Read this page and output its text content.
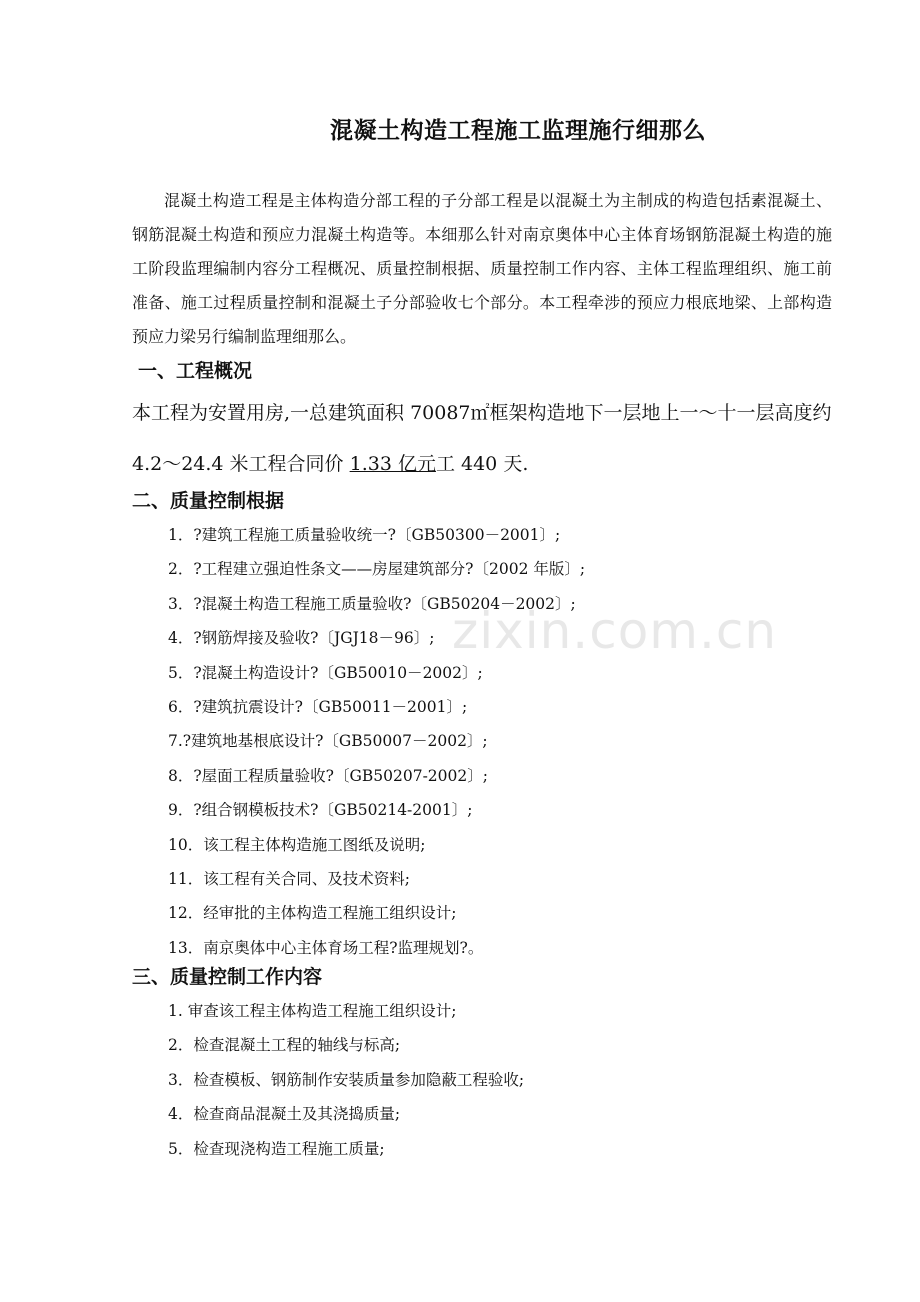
混凝土构造工程施工监理施行细那么
混凝土构造工程是主体构造分部工程的子分部工程是以混凝土为主制成的构造包括素混凝土、钢筋混凝土构造和预应力混凝土构造等。本细那么针对南京奥体中心主体育场钢筋混凝土构造的施工阶段监理编制内容分工程概况、质量控制根据、质量控制工作内容、主体工程监理组织、施工前准备、施工过程质量控制和混凝土子分部验收七个部分。本工程牵涉的预应力根底地梁、上部构造预应力梁另行编制监理细那么。
一、工程概况
本工程为安置用房,一总建筑面积 70087㎡框架构造地下一层地上一～十一层高度约 4.2～24.4 米工程合同价 1.33 亿元工 440 天.
二、质量控制根据
1．?建筑工程施工质量验收统一?〔GB50300－2001〕;
2．?工程建立强迫性条文——房屋建筑部分?〔2002 年版〕;
3．?混凝土构造工程施工质量验收?〔GB50204－2002〕;
4．?钢筋焊接及验收?〔JGJ18－96〕;
5．?混凝土构造设计?〔GB50010－2002〕;
6．?建筑抗震设计?〔GB50011－2001〕;
7.?建筑地基根底设计?〔GB50007－2002〕;
8．?屋面工程质量验收?〔GB50207-2002〕;
9．?组合钢模板技术?〔GB50214-2001〕;
10．该工程主体构造施工图纸及说明;
11．该工程有关合同、及技术资料;
12．经审批的主体构造工程施工组织设计;
13．南京奥体中心主体育场工程?监理规划?。
三、质量控制工作内容
1. 审查该工程主体构造工程施工组织设计;
2．检查混凝土工程的轴线与标高;
3．检查模板、钢筋制作安装质量参加隐蔽工程验收;
4．检查商品混凝土及其浇捣质量;
5．检查现浇构造工程施工质量;
zixin.com.cn
